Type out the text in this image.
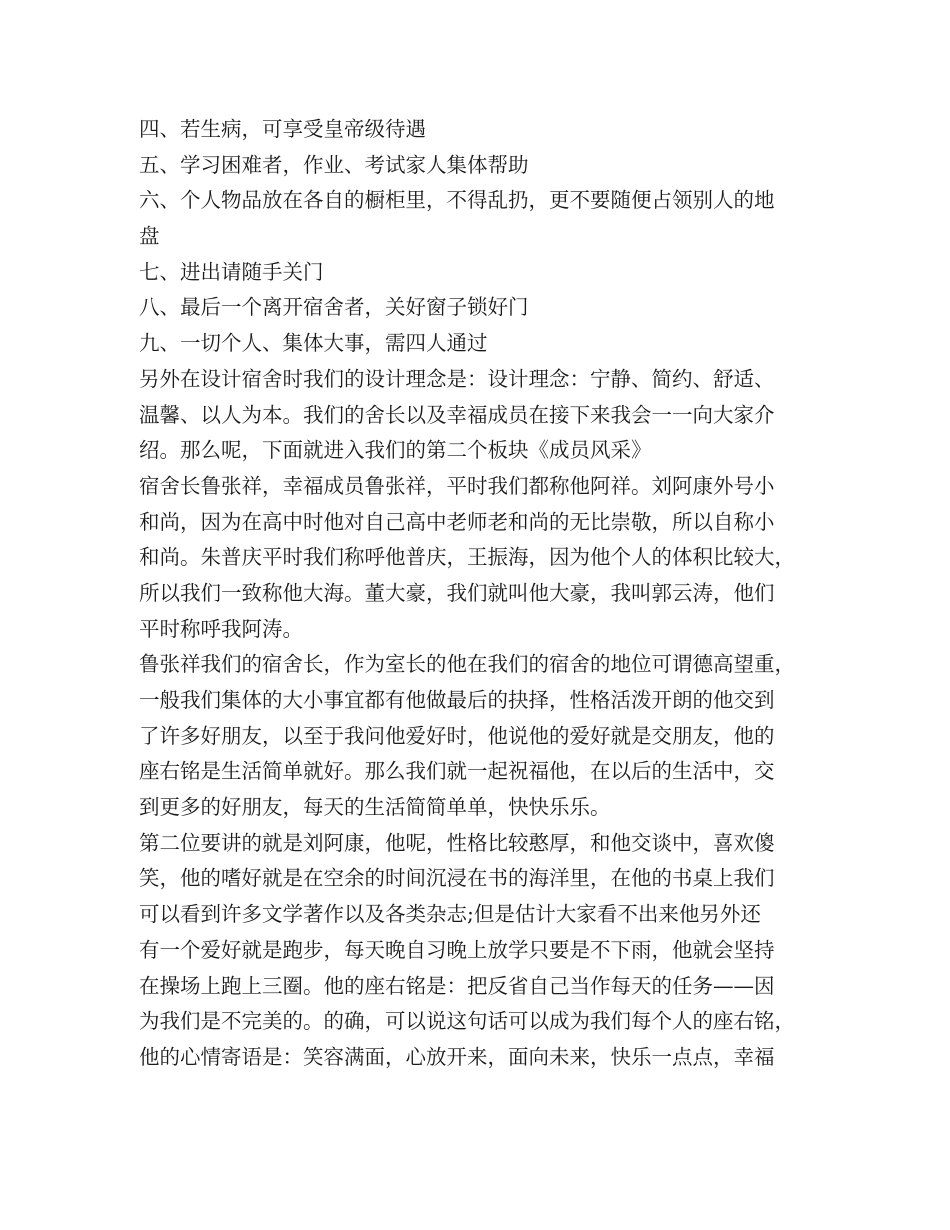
四、若生病，可享受皇帝级待遇
五、学习困难者，作业、考试家人集体帮助
六、个人物品放在各自的橱柜里，不得乱扔，更不要随便占领别人的地
盘
七、进出请随手关门
八、最后一个离开宿舍者，关好窗子锁好门
九、一切个人、集体大事，需四人通过
另外在设计宿舍时我们的设计理念是：设计理念：宁静、简约、舒适、
温馨、以人为本。我们的舍长以及幸福成员在接下来我会一一向大家介
绍。那么呢，下面就进入我们的第二个板块《成员风采》
宿舍长鲁张祥，幸福成员鲁张祥，平时我们都称他阿祥。刘阿康外号小
和尚，因为在高中时他对自己高中老师老和尚的无比崇敬，所以自称小
和尚。朱普庆平时我们称呼他普庆，王振海，因为他个人的体积比较大，
所以我们一致称他大海。董大豪，我们就叫他大豪，我叫郭云涛，他们
平时称呼我阿涛。
鲁张祥我们的宿舍长，作为室长的他在我们的宿舍的地位可谓德高望重，
一般我们集体的大小事宜都有他做最后的抉择，性格活泼开朗的他交到
了许多好朋友，以至于我问他爱好时，他说他的爱好就是交朋友，他的
座右铭是生活简单就好。那么我们就一起祝福他，在以后的生活中，交
到更多的好朋友，每天的生活简简单单，快快乐乐。
第二位要讲的就是刘阿康，他呢，性格比较憨厚，和他交谈中，喜欢傻
笑，他的嗜好就是在空余的时间沉浸在书的海洋里，在他的书桌上我们
可以看到许多文学著作以及各类杂志;但是估计大家看不出来他另外还
有一个爱好就是跑步，每天晚自习晚上放学只要是不下雨，他就会坚持
在操场上跑上三圈。他的座右铭是：把反省自己当作每天的任务——因
为我们是不完美的。的确，可以说这句话可以成为我们每个人的座右铭，
他的心情寄语是：笑容满面，心放开来，面向未来，快乐一点点，幸福
